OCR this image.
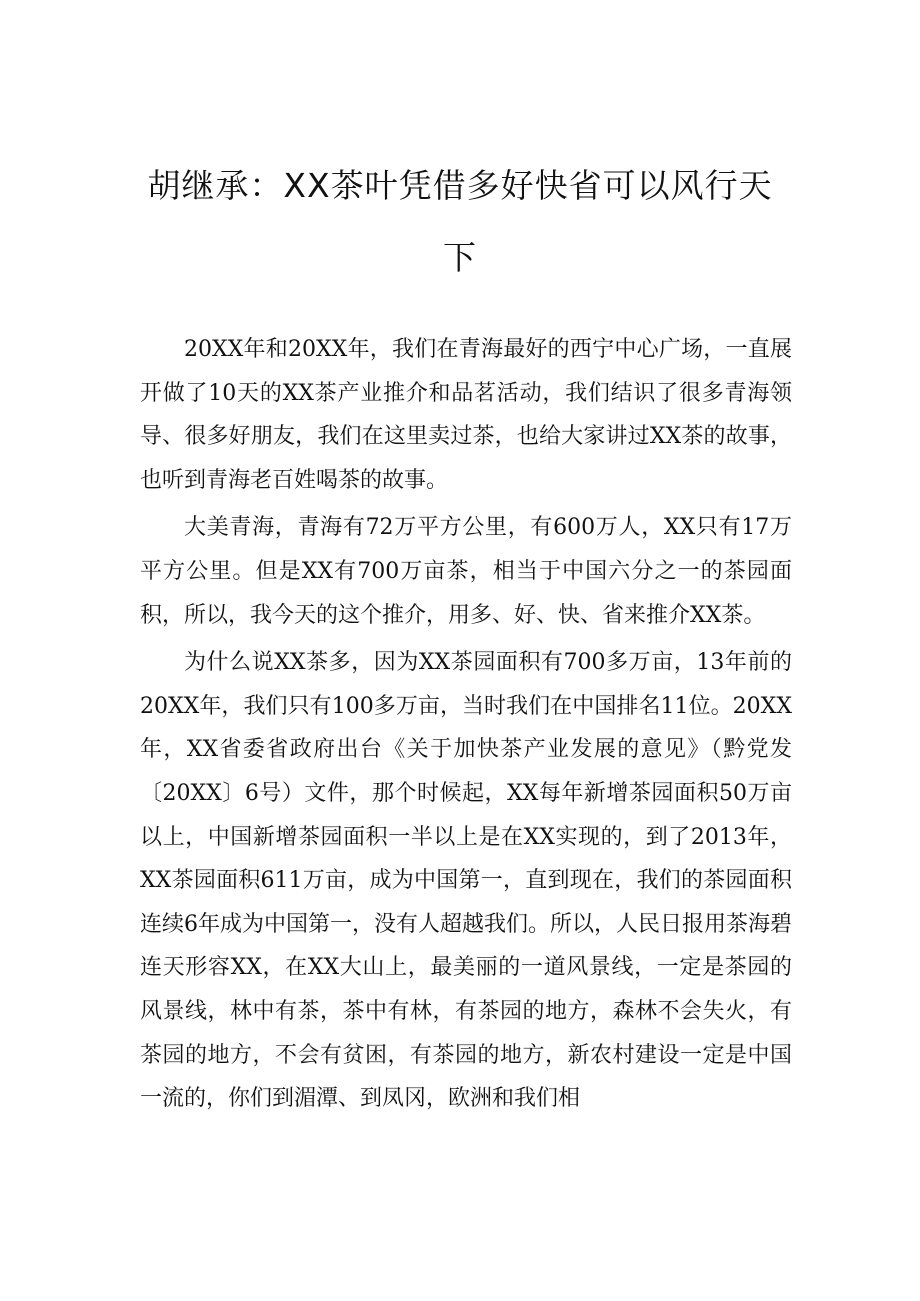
胡继承：XX茶叶凭借多好快省可以风行天下

20XX年和20XX年，我们在青海最好的西宁中心广场，一直展开做了10天的XX茶产业推介和品茗活动，我们结识了很多青海领导、很多好朋友，我们在这里卖过茶，也给大家讲过XX茶的故事，也听到青海老百姓喝茶的故事。

大美青海，青海有72万平方公里，有600万人，XX只有17万平方公里。但是XX有700万亩茶，相当于中国六分之一的茶园面积，所以，我今天的这个推介，用多、好、快、省来推介XX茶。

为什么说XX茶多，因为XX茶园面积有700多万亩，13年前的20XX年，我们只有100多万亩，当时我们在中国排名11位。20XX年，XX省委省政府出台《关于加快茶产业发展的意见》（黔党发〔20XX〕6号）文件，那个时候起，XX每年新增茶园面积50万亩以上，中国新增茶园面积一半以上是在XX实现的，到了2013年，XX茶园面积611万亩，成为中国第一，直到现在，我们的茶园面积连续6年成为中国第一，没有人超越我们。所以，人民日报用茶海碧连天形容XX，在XX大山上，最美丽的一道风景线，一定是茶园的风景线，林中有茶，茶中有林，有茶园的地方，森林不会失火，有茶园的地方，不会有贫困，有茶园的地方，新农村建设一定是中国一流的，你们到湄潭、到凤冈，欧洲和我们相
